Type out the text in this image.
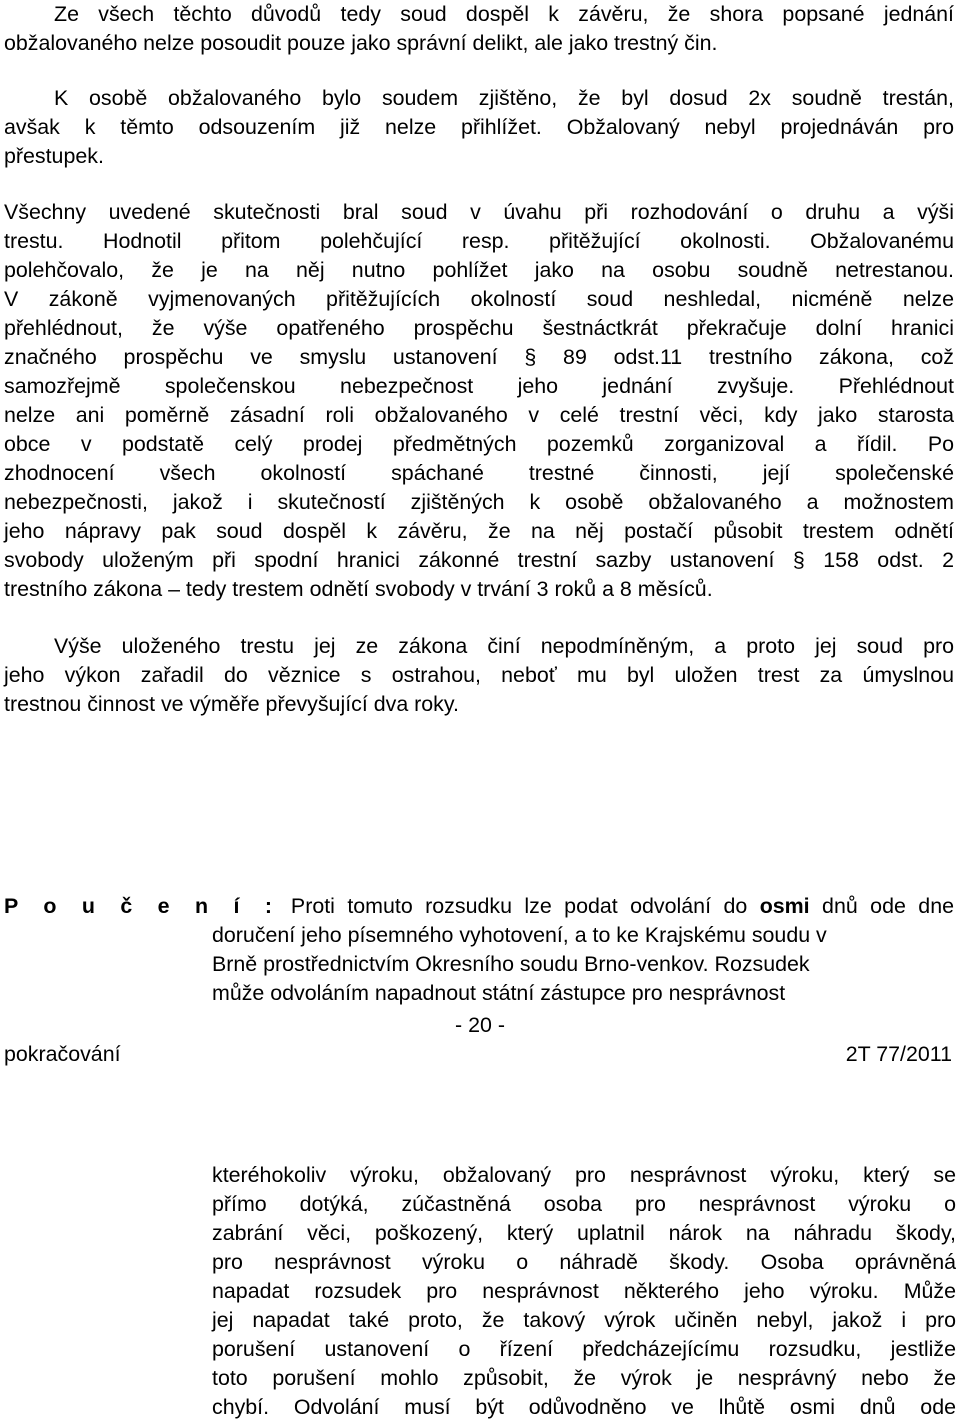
Ze všech těchto důvodů tedy soud dospěl k závěru, že shora popsané jednání
obžalovaného nelze posoudit pouze jako správní delikt, ale jako trestný čin.
K osobě obžalovaného bylo soudem zjištěno, že byl dosud 2x soudně trestán,
avšak k těmto odsouzením již nelze přihlížet. Obžalovaný nebyl projednáván pro
přestupek.
Všechny uvedené skutečnosti bral soud v úvahu při rozhodování o druhu a výši
trestu. Hodnotil přitom polehčující resp. přitěžující okolnosti. Obžalovanému
polehčovalo, že je na něj nutno pohlížet jako na osobu soudně netrestanou.
V zákoně vyjmenovaných přitěžujících okolností soud neshledal, nicméně nelze
přehlédnout, že výše opatřeného prospěchu šestnáctkrát překračuje dolní hranici
značného prospěchu ve smyslu ustanovení § 89 odst.11 trestního zákona, což
samozřejmě společenskou nebezpečnost jeho jednání zvyšuje. Přehlédnout
nelze ani poměrně zásadní roli obžalovaného v celé trestní věci, kdy jako starosta
obce v podstatě celý prodej předmětných pozemků zorganizoval a řídil. Po
zhodnocení všech okolností spáchané trestné činnosti, její společenské
nebezpečnosti, jakož i skutečností zjištěných k osobě obžalovaného a možnostem
jeho nápravy pak soud dospěl k závěru, že na něj postačí působit trestem odnětí
svobody uloženým při spodní hranici zákonné trestní sazby ustanovení § 158 odst. 2
trestního zákona – tedy trestem odnětí svobody v trvání 3 roků a 8 měsíců.
Výše uloženého trestu jej ze zákona činí nepodmíněným, a proto jej soud pro
jeho výkon zařadil do věznice s ostrahou, neboť mu byl uložen trest za úmyslnou
trestnou činnost ve výměře převyšující dva roky.
P o u č e n í : Proti tomuto rozsudku lze podat odvolání do osmi dnů ode dne
doručení jeho písemného vyhotovení, a to ke Krajskému soudu v
Brně prostřednictvím Okresního soudu Brno-venkov. Rozsudek
může odvoláním napadnout státní zástupce pro nesprávnost
- 20 -
pokračování	2T 77/2011
kteréhokoliv výroku, obžalovaný pro nesprávnost výroku, který se
přímo dotýká, zúčastněná osoba pro nesprávnost výroku o
zabrání věci, poškozený, který uplatnil nárok na náhradu škody,
pro nesprávnost výroku o náhradě škody. Osoba oprávněná
napadat rozsudek pro nesprávnost některého jeho výroku. Může
jej napadat také proto, že takový výrok učiněn nebyl, jakož i pro
porušení ustanovení o řízení předcházejícímu rozsudku, jestliže
toto porušení mohlo způsobit, že výrok je nesprávný nebo že
chybí. Odvolání musí být odůvodněno ve lhůtě osmi dnů ode
